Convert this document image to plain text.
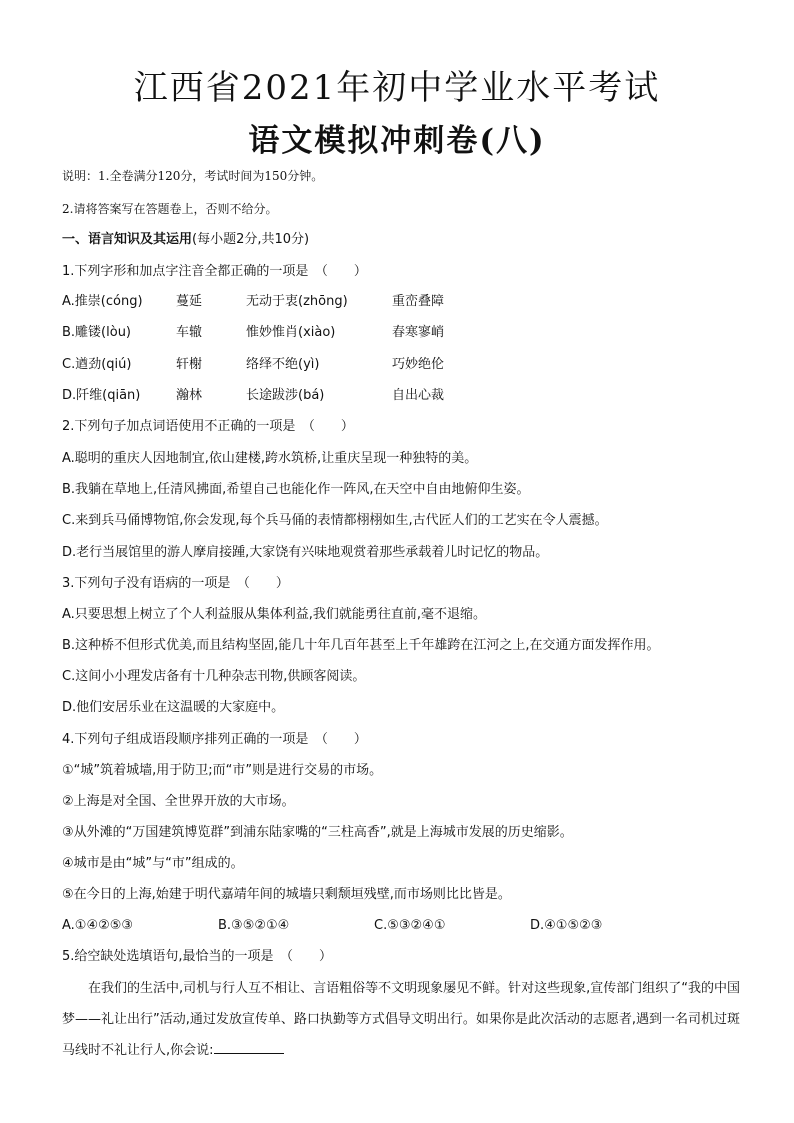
江西省2021年初中学业水平考试
语文模拟冲刺卷(八)
说明：1.全卷满分120分，考试时间为150分钟。
2.请将答案写在答题卷上，否则不给分。
一、语言知识及其运用(每小题2分,共10分)
1.下列字形和加点字注音全都正确的一项是　（　　）
A.推崇(cóng)	蔓延	无动于衷(zhōng)	重峦叠障
B.雕镂(lòu)	车辙	惟妙惟肖(xiào)	春寒寥峭
C.遒劲(qiú)	轩榭	络绎不绝(yì)	巧妙绝伦
D.阡维(qiān)	瀚林	长途跋涉(bá)	自出心裁
2.下列句子加点词语使用不正确的一项是　（　　）
A.聪明的重庆人因地制宜,依山建楼,跨水筑桥,让重庆呈现一种独特的美。
B.我躺在草地上,任清风拂面,希望自己也能化作一阵风,在天空中自由地俯仰生姿。
C.来到兵马俑博物馆,你会发现,每个兵马俑的表情都栩栩如生,古代匠人们的工艺实在令人震撼。
D.老行当展馆里的游人摩肩接踵,大家饶有兴味地观赏着那些承载着儿时记忆的物品。
3.下列句子没有语病的一项是　（　　）
A.只要思想上树立了个人利益服从集体利益,我们就能勇往直前,毫不退缩。
B.这种桥不但形式优美,而且结构坚固,能几十年几百年甚至上千年雄跨在江河之上,在交通方面发挥作用。
C.这间小小理发店备有十几种杂志刊物,供顾客阅读。
D.他们安居乐业在这温暖的大家庭中。
4.下列句子组成语段顺序排列正确的一项是　（　　）
①“城”筑着城墙,用于防卫;而“市”则是进行交易的市场。
②上海是对全国、全世界开放的大市场。
③从外滩的“万国建筑博览群”到浦东陆家嘴的“三柱高香”,就是上海城市发展的历史缩影。
④城市是由“城”与“市”组成的。
⑤在今日的上海,始建于明代嘉靖年间的城墙只剩颓垣残壁,而市场则比比皆是。
A.①④②⑤③	B.③⑤②①④	C.⑤③②④①	D.④①⑤②③
5.给空缺处选填语句,最恰当的一项是　（　　）
在我们的生活中,司机与行人互不相让、言语粗俗等不文明现象屡见不鲜。针对这些现象,宣传部门组织了“我的中国梦——礼让出行”活动,通过发放宣传单、路口执勤等方式倡导文明出行。如果你是此次活动的志愿者,遇到一名司机过斑马线时不礼让行人,你会说:
